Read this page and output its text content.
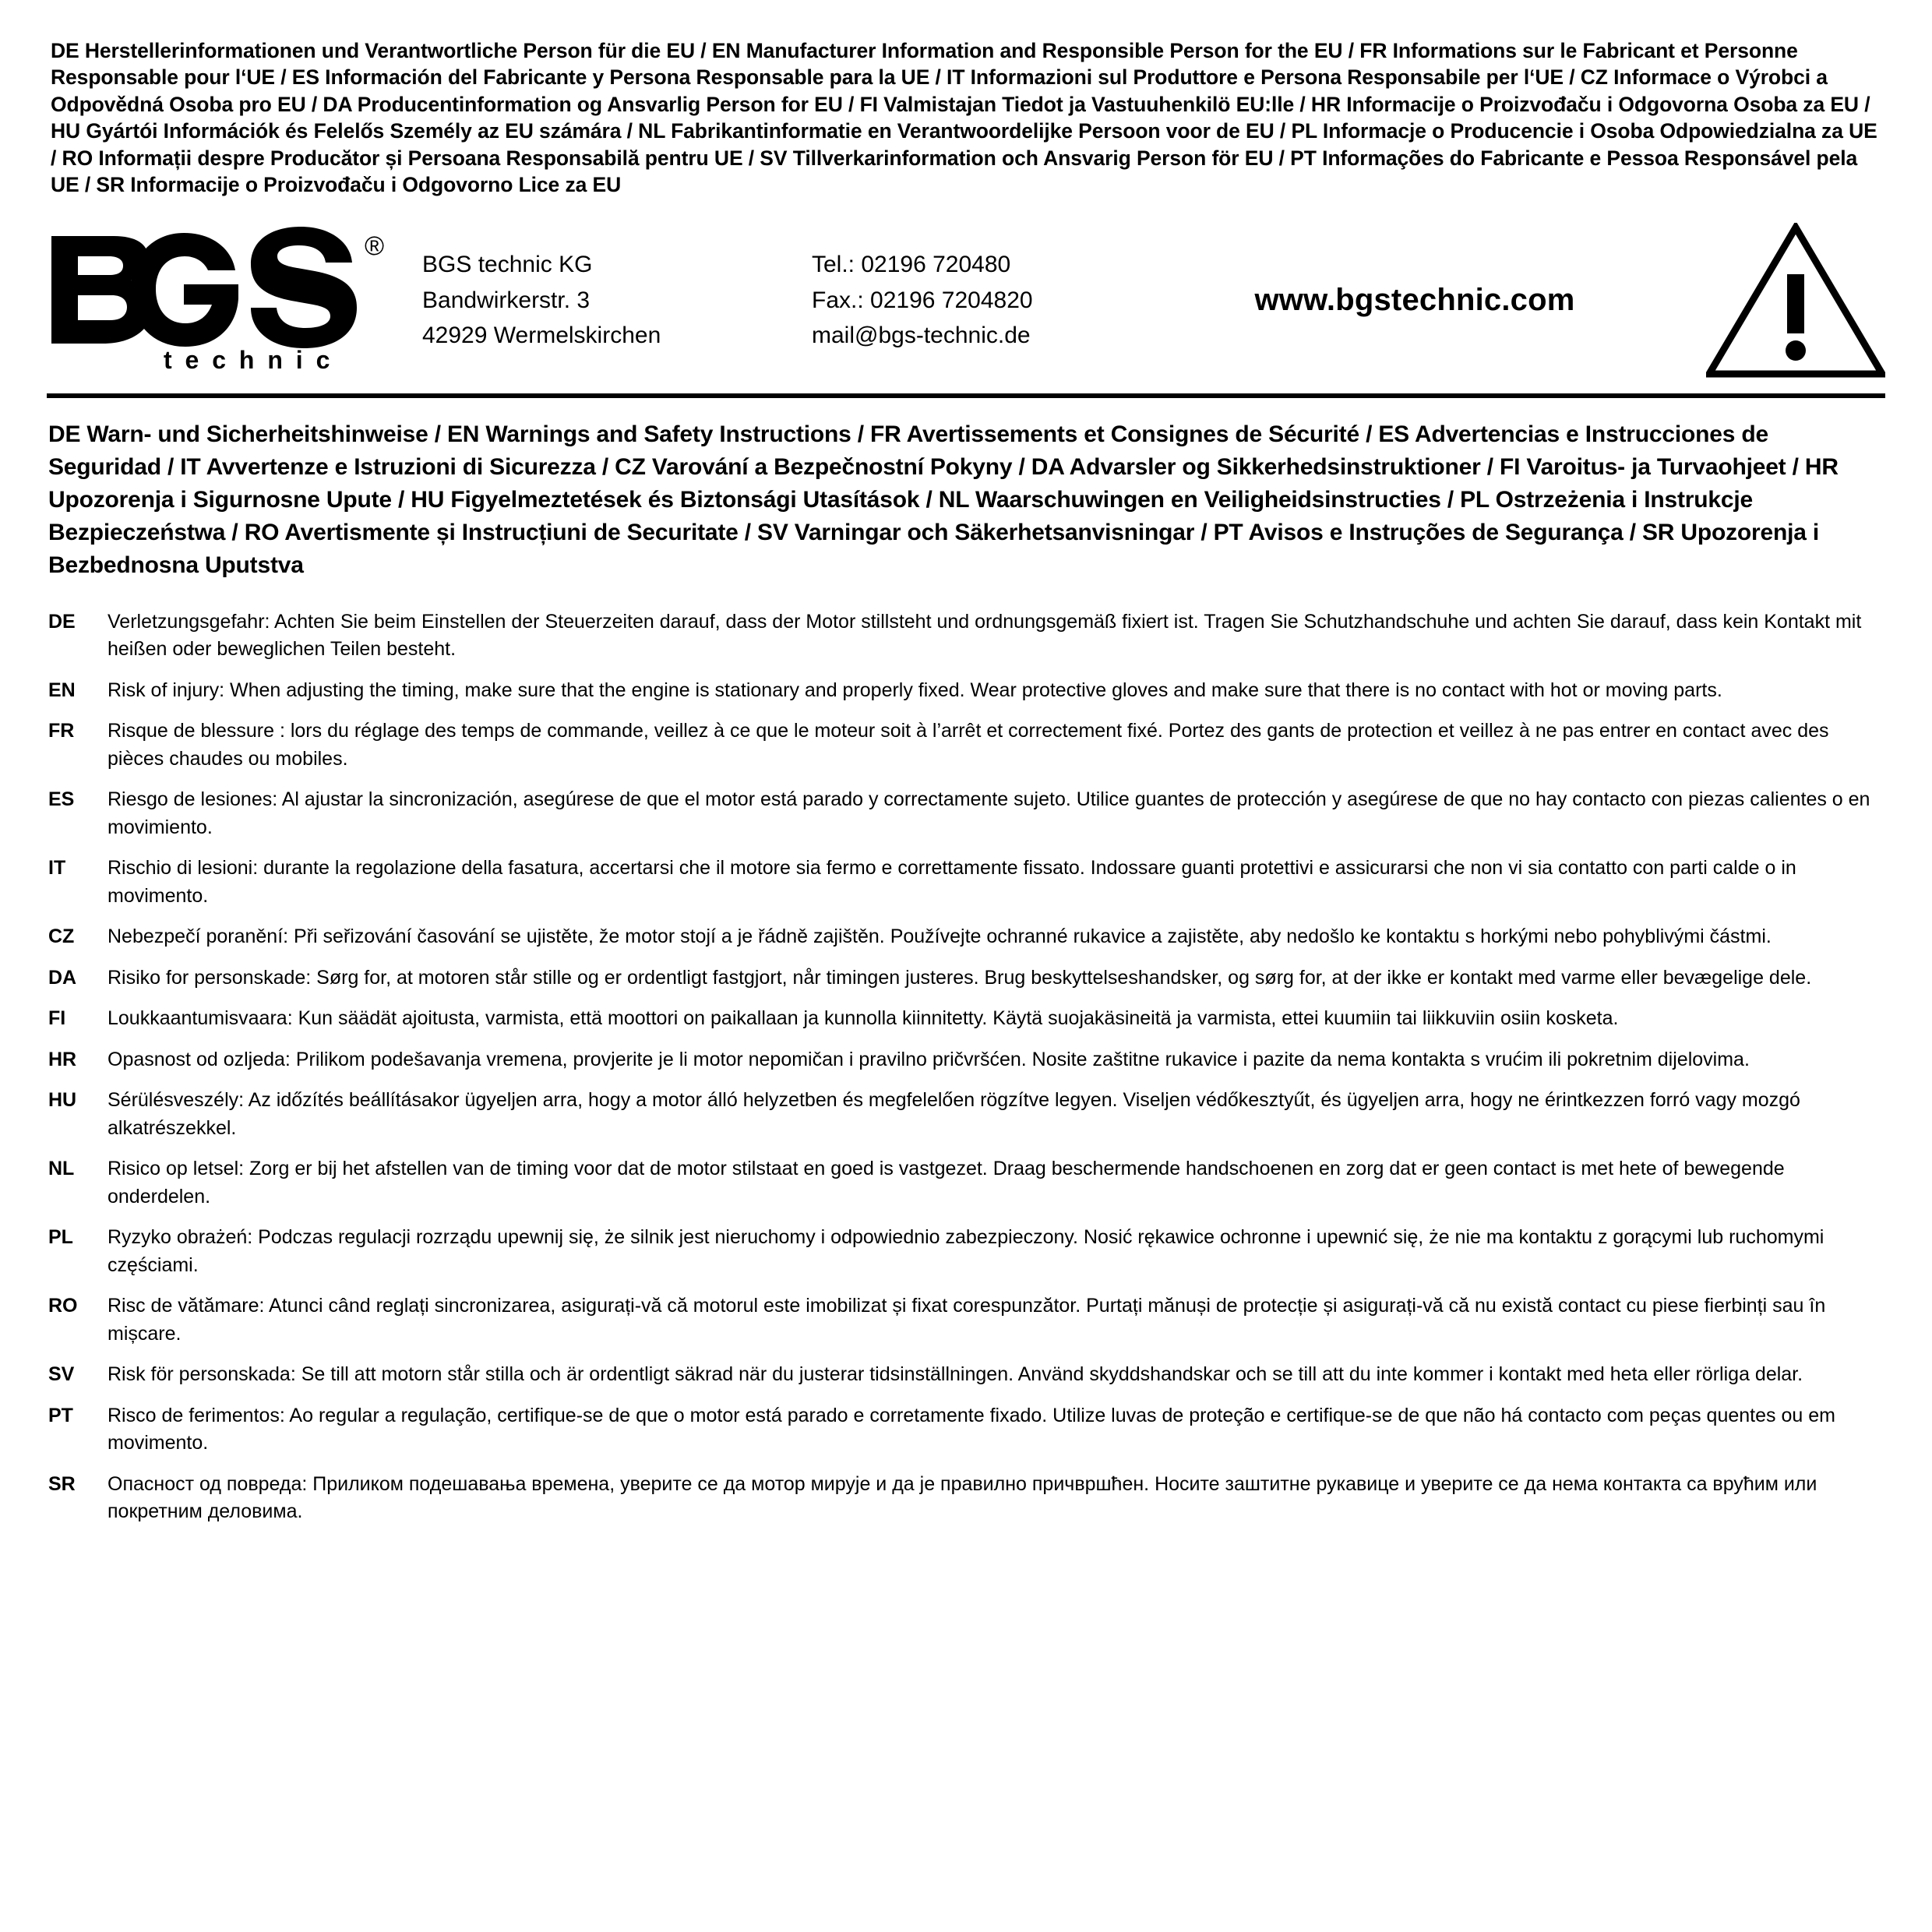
DE Herstellerinformationen und Verantwortliche Person für die EU / EN Manufacturer Information and Responsible Person for the EU / FR Informations sur le Fabricant et Personne Responsable pour l‘UE / ES Información del Fabricante y Persona Responsable para la UE / IT Informazioni sul Produttore e Persona Responsabile per l‘UE / CZ Informace o Výrobci a Odpovědná Osoba pro EU / DA Producentinformation og Ansvarlig Person for EU / FI Valmistajan Tiedot ja Vastuuhenkilö EU:lle / HR Informacije o Proizvođaču i Odgovorna Osoba za EU / HU Gyártói Információk és Felelős Személy az EU számára / NL Fabrikantinformatie en Verantwoordelijke Persoon voor de EU / PL Informacje o Producencie i Osoba Odpowiedzialna za UE / RO Informații despre Producător și Persoana Responsabilă pentru UE / SV Tillverkarinformation och Ansvarig Person för EU / PT Informações do Fabricante e Pessoa Responsável pela UE / SR Informacije o Proizvođaču i Odgovorno Lice za EU
®
t e c h n i c
BGS technic KG
Bandwirkerstr. 3
42929 Wermelskirchen
Tel.: 02196 720480
Fax.: 02196 7204820
mail@bgs-technic.de
www.bgstechnic.com
DE Warn- und Sicherheitshinweise / EN Warnings and Safety Instructions / FR Avertissements et Consignes de Sécurité / ES Advertencias e Instrucciones de Seguridad / IT Avvertenze e Istruzioni di Sicurezza / CZ Varování a Bezpečnostní Pokyny / DA Advarsler og Sikkerhedsinstruktioner / FI Varoitus- ja Turvaohjeet / HR Upozorenja i Sigurnosne Upute / HU Figyelmeztetések és Biztonsági Utasítások / NL Waarschuwingen en Veiligheidsinstructies / PL Ostrzeżenia i Instrukcje Bezpieczeństwa / RO Avertismente și Instrucțiuni de Securitate / SV Varningar och Säkerhetsanvisningar / PT Avisos e Instruções de Segurança / SR Upozorenja i Bezbednosna Uputstva
DE	Verletzungsgefahr: Achten Sie beim Einstellen der Steuerzeiten darauf, dass der Motor stillsteht und ordnungsgemäß fixiert ist. Tragen Sie Schutzhandschuhe und achten Sie darauf, dass kein Kontakt mit heißen oder beweglichen Teilen besteht.
EN	Risk of injury: When adjusting the timing, make sure that the engine is stationary and properly fixed. Wear protective gloves and make sure that there is no contact with hot or moving parts.
FR	Risque de blessure : lors du réglage des temps de commande, veillez à ce que le moteur soit à l’arrêt et correctement fixé. Portez des gants de protection et veillez à ne pas entrer en contact avec des pièces chaudes ou mobiles.
ES	Riesgo de lesiones: Al ajustar la sincronización, asegúrese de que el motor está parado y correctamente sujeto. Utilice guantes de protección y asegúrese de que no hay contacto con piezas calientes o en movimiento.
IT	Rischio di lesioni: durante la regolazione della fasatura, accertarsi che il motore sia fermo e correttamente fissato. Indossare guanti protettivi e assicurarsi che non vi sia contatto con parti calde o in movimento.
CZ	Nebezpečí poranění: Při seřizování časování se ujistěte, že motor stojí a je řádně zajištěn. Používejte ochranné rukavice a zajistěte, aby nedošlo ke kontaktu s horkými nebo pohyblivými částmi.
DA	Risiko for personskade: Sørg for, at motoren står stille og er ordentligt fastgjort, når timingen justeres. Brug beskyttelseshandsker, og sørg for, at der ikke er kontakt med varme eller bevægelige dele.
FI	Loukkaantumisvaara: Kun säädät ajoitusta, varmista, että moottori on paikallaan ja kunnolla kiinnitetty. Käytä suojakäsineitä ja varmista, ettei kuumiin tai liikkuviin osiin kosketa.
HR	Opasnost od ozljeda: Prilikom podešavanja vremena, provjerite je li motor nepomičan i pravilno pričvršćen. Nosite zaštitne rukavice i pazite da nema kontakta s vrućim ili pokretnim dijelovima.
HU	Sérülésveszély: Az időzítés beállításakor ügyeljen arra, hogy a motor álló helyzetben és megfelelően rögzítve legyen. Viseljen védőkesztyűt, és ügyeljen arra, hogy ne érintkezzen forró vagy mozgó alkatrészekkel.
NL	Risico op letsel: Zorg er bij het afstellen van de timing voor dat de motor stilstaat en goed is vastgezet. Draag beschermende handschoenen en zorg dat er geen contact is met hete of bewegende onderdelen.
PL	Ryzyko obrażeń: Podczas regulacji rozrządu upewnij się, że silnik jest nieruchomy i odpowiednio zabezpieczony. Nosić rękawice ochronne i upewnić się, że nie ma kontaktu z gorącymi lub ruchomymi częściami.
RO	Risc de vătămare: Atunci când reglați sincronizarea, asigurați-vă că motorul este imobilizat și fixat corespunzător. Purtați mănuși de protecție și asigurați-vă că nu există contact cu piese fierbinți sau în mișcare.
SV	Risk för personskada: Se till att motorn står stilla och är ordentligt säkrad när du justerar tidsinställningen. Använd skyddshandskar och se till att du inte kommer i kontakt med heta eller rörliga delar.
PT	Risco de ferimentos: Ao regular a regulação, certifique-se de que o motor está parado e corretamente fixado. Utilize luvas de proteção e certifique-se de que não há contacto com peças quentes ou em movimento.
SR	Опасност од повреда: Приликом подешавања времена, уверите се да мотор мирује и да је правилно причвршћен. Носите заштитне рукавице и уверите се да нема контакта са врућим или покретним деловима.
